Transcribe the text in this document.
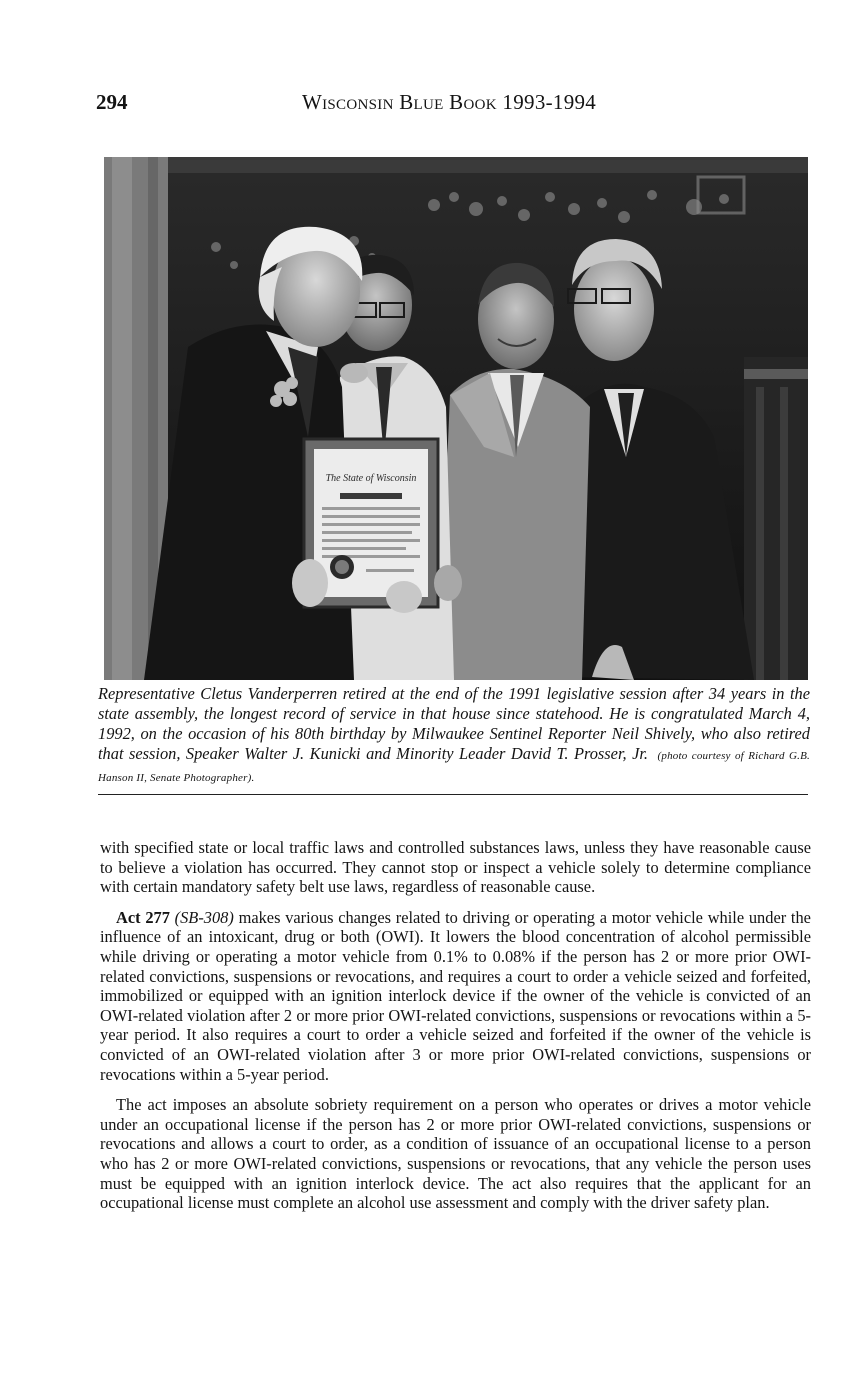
294	Wisconsin Blue Book 1993-1994
The State of Wisconsin

Representative Cletus Vanderperren retired at the end of the 1991 legislative session after 34 years in the state assembly, the longest record of service in that house since statehood. He is congratulated March 4, 1992, on the occasion of his 80th birthday by Milwaukee Sentinel Reporter Neil Shively, who also retired that session, Speaker Walter J. Kunicki and Minority Leader David T. Prosser, Jr. (photo courtesy of Richard G.B. Hanson II, Senate Photographer).

with specified state or local traffic laws and controlled substances laws, unless they have reasonable cause to believe a violation has occurred. They cannot stop or inspect a vehicle solely to determine compliance with certain mandatory safety belt use laws, regardless of reasonable cause.

Act 277 (SB-308) makes various changes related to driving or operating a motor vehicle while under the influence of an intoxicant, drug or both (OWI). It lowers the blood concentration of alcohol permissible while driving or operating a motor vehicle from 0.1% to 0.08% if the person has 2 or more prior OWI-related convictions, suspensions or revocations, and requires a court to order a vehicle seized and forfeited, immobilized or equipped with an ignition interlock device if the owner of the vehicle is convicted of an OWI-related violation after 2 or more prior OWI-related convictions, suspensions or revocations within a 5-year period. It also requires a court to order a vehicle seized and forfeited if the owner of the vehicle is convicted of an OWI-related violation after 3 or more prior OWI-related convictions, suspensions or revocations within a 5-year period.

The act imposes an absolute sobriety requirement on a person who operates or drives a motor vehicle under an occupational license if the person has 2 or more prior OWI-related convictions, suspensions or revocations and allows a court to order, as a condition of issuance of an occupational license to a person who has 2 or more OWI-related convictions, suspensions or revocations, that any vehicle the person uses must be equipped with an ignition interlock device. The act also requires that the applicant for an occupational license must complete an alcohol use assessment and comply with the driver safety plan.
